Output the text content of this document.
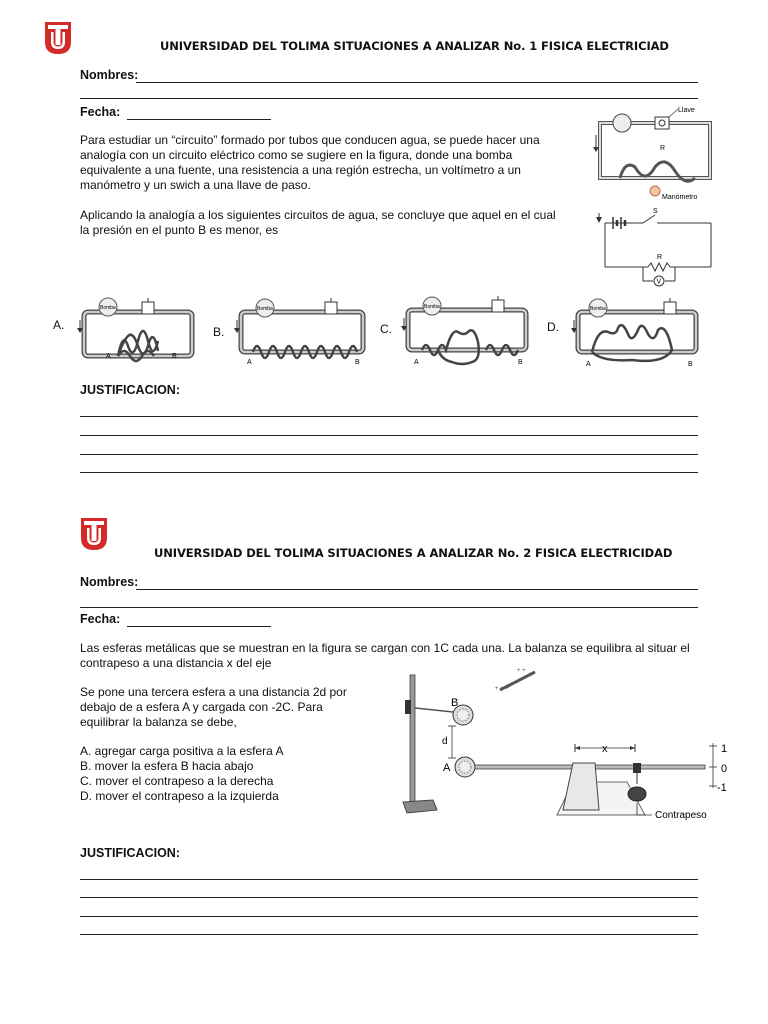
UNIVERSIDAD DEL TOLIMA SITUACIONES A ANALIZAR No. 1 FISICA ELECTRICIAD
Nombres:
Fecha:
Para estudiar un “circuito” formado por tubos que conducen agua, se puede hacer una analogía con un circuito eléctrico como se sugiere en la figura, donde una bomba equivalente a una fuente, una resistencia a una región estrecha, un voltímetro a un manómetro y un swich a una llave de paso.
Aplicando la analogía a los siguientes circuitos de agua, se concluye que aquel en el cual la presión en el punto B es menor, es
Llave
R
Manómetro
S
R
V
A.
Bomba
A	B
B.
Bomba
A	B
C.
Bomba
A	B
D.
Bomba
A	B
JUSTIFICACION:
UNIVERSIDAD DEL TOLIMA SITUACIONES A ANALIZAR No. 2 FISICA ELECTRICIDAD
Nombres:
Fecha:
Las esferas metálicas que se muestran en la figura se cargan con 1C cada una. La balanza se equilibra al situar el contrapeso a una distancia x del eje
Se pone una tercera esfera a una distancia 2d por debajo de a esfera A y cargada con -2C. Para equilibrar la balanza se debe,
A. agregar carga positiva a la esfera A
B. mover la esfera B hacia abajo
C. mover el contrapeso a la derecha
D. mover el contrapeso a la izquierda
+ + +
+ +
B
d
A
x
Contrapeso
1
0
-1
JUSTIFICACION:
